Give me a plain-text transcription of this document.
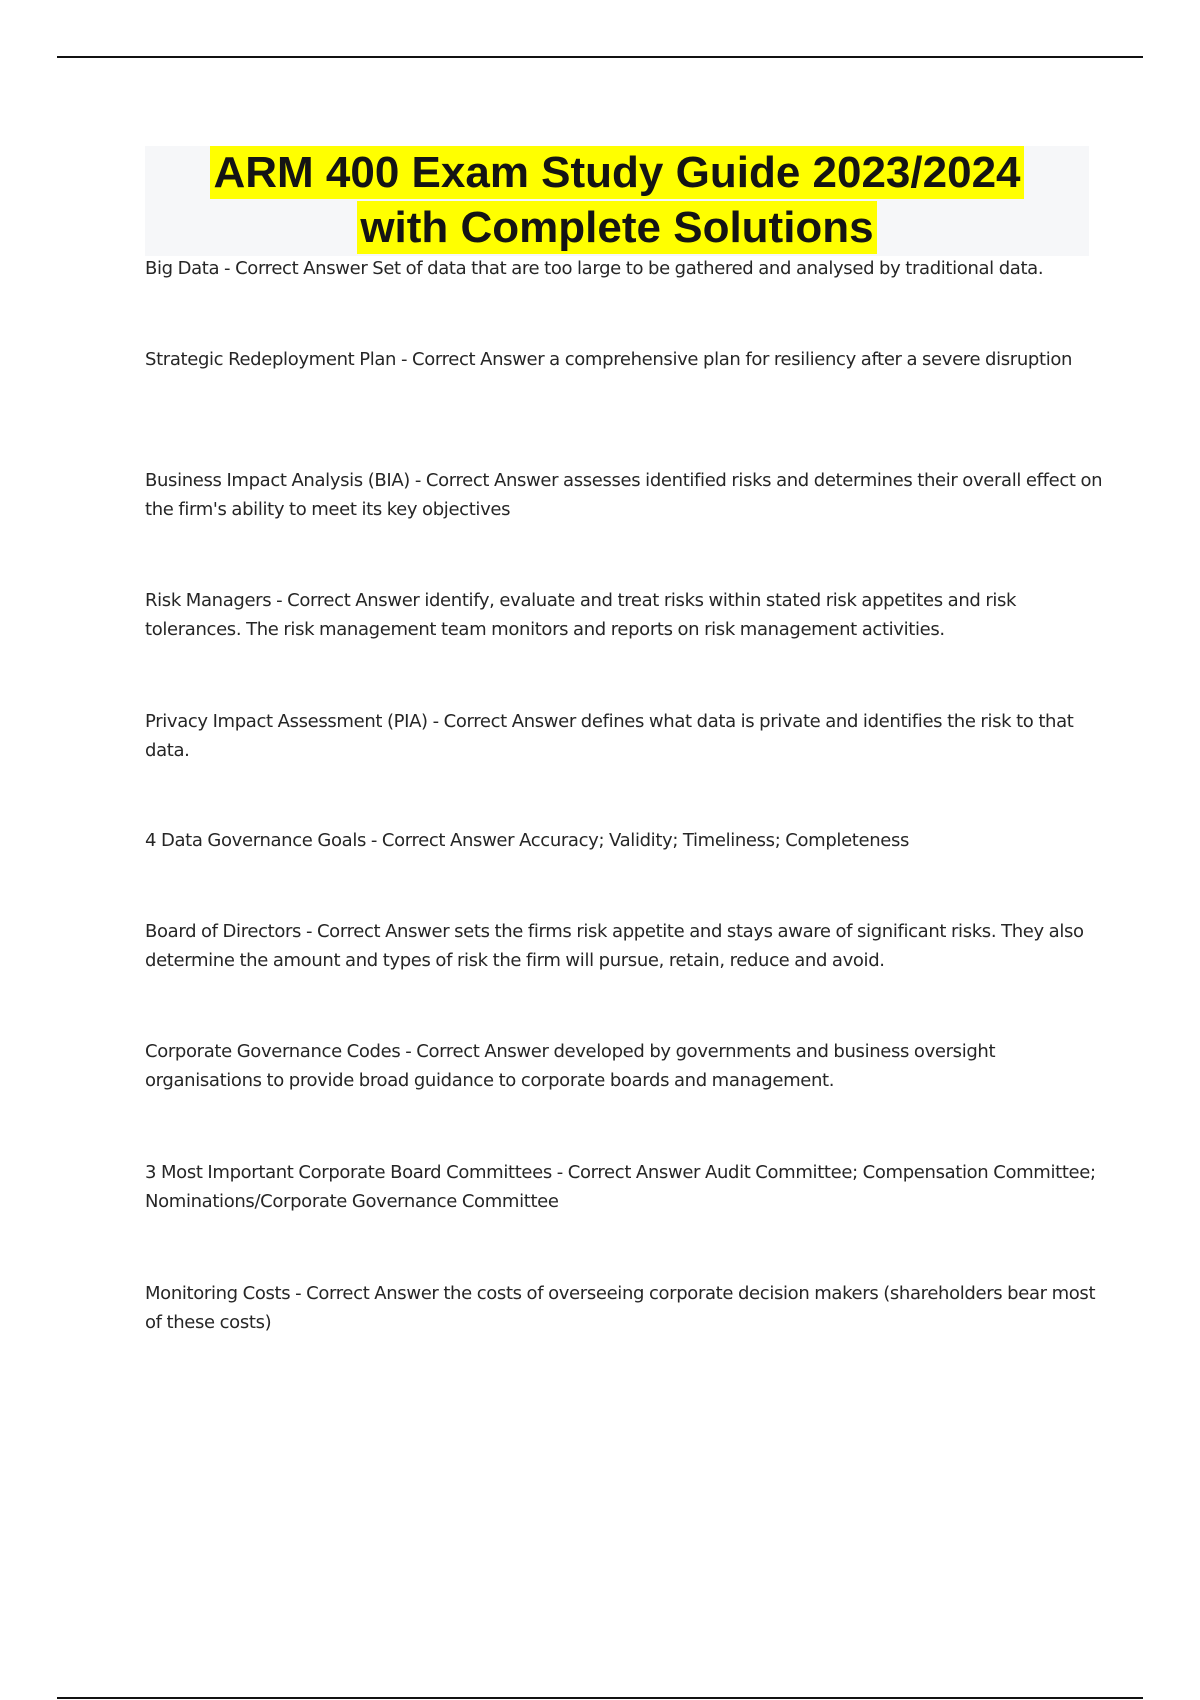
ARM 400 Exam Study Guide 2023/2024
with Complete Solutions
Big Data - Correct Answer Set of data that are too large to be gathered and analysed by traditional data.
Strategic Redeployment Plan - Correct Answer a comprehensive plan for resiliency after a severe disruption
Business Impact Analysis (BIA) - Correct Answer assesses identified risks and determines their overall effect on the firm's ability to meet its key objectives
Risk Managers - Correct Answer identify, evaluate and treat risks within stated risk appetites and risk tolerances. The risk management team monitors and reports on risk management activities.
Privacy Impact Assessment (PIA) - Correct Answer defines what data is private and identifies the risk to that data.
4 Data Governance Goals - Correct Answer Accuracy; Validity; Timeliness; Completeness
Board of Directors - Correct Answer sets the firms risk appetite and stays aware of significant risks. They also determine the amount and types of risk the firm will pursue, retain, reduce and avoid.
Corporate Governance Codes - Correct Answer developed by governments and business oversight organisations to provide broad guidance to corporate boards and management.
3 Most Important Corporate Board Committees - Correct Answer Audit Committee; Compensation Committee; Nominations/Corporate Governance Committee
Monitoring Costs - Correct Answer the costs of overseeing corporate decision makers (shareholders bear most of these costs)
